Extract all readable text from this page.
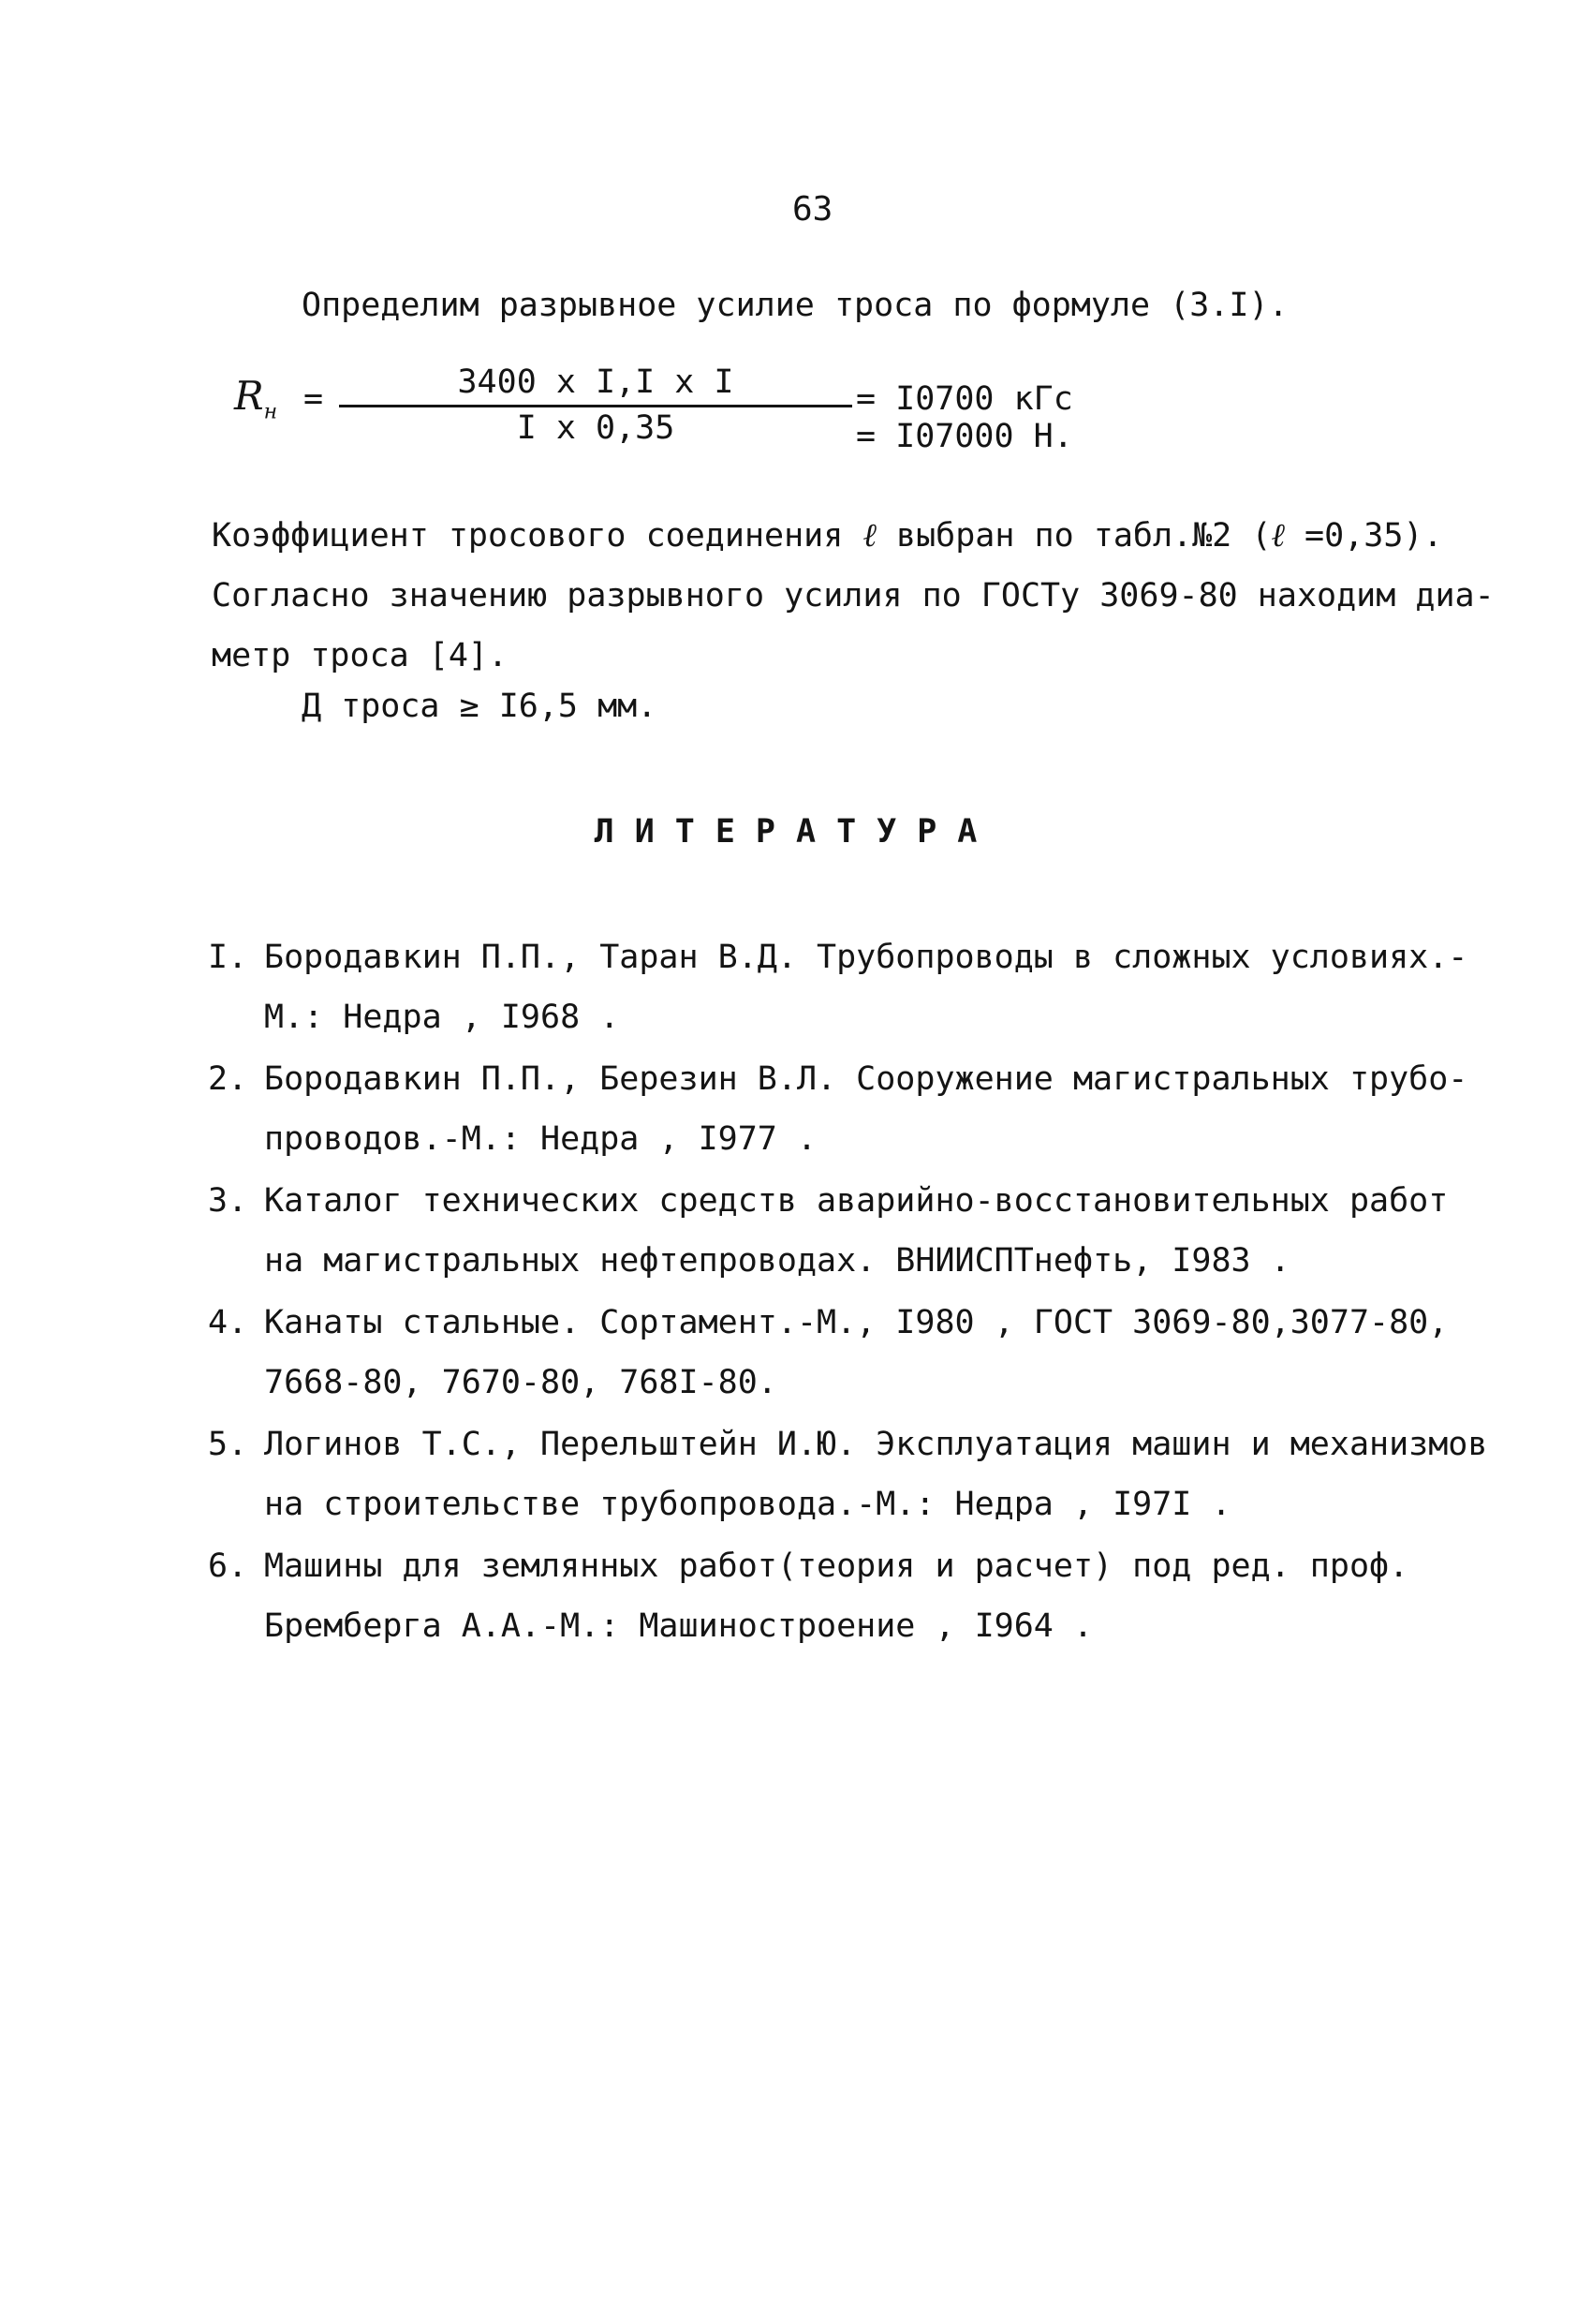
63
Определим разрывное усилие троса по формуле (3.I).
$R_н = \frac{\text{3400 x I,I x I}}{\text{I x 0,35}} = I0700$ кГс = I07000 Н.
Коэффициент тросового соединения ℓ выбран по табл.№2 (ℓ =0,35).
Согласно значению разрывного усилия по ГОСТу 3069-80 находим диа-
метр троса [4].
Д троса ≥ I6,5 мм.
ЛИТЕРАТУРА
I. Бородавкин П.П., Таран В.Д. Трубопроводы в сложных условиях.-
М.: Недра , I968 .
2. Бородавкин П.П., Березин В.Л. Сооружение магистральных трубо-
проводов.-М.: Недра , I977 .
3. Каталог технических средств аварийно-восстановительных работ
на магистральных нефтепроводах. ВНИИСПТнефть, I983 .
4. Канаты стальные. Сортамент.-М., I980 , ГОСТ 3069-80,3077-80,
7668-80, 7670-80, 768I-80.
5. Логинов Т.С., Перельштейн И.Ю. Эксплуатация машин и механизмов
на строительстве трубопровода.-М.: Недра , I97I .
6. Машины для землянных работ(теория и расчет) под ред. проф.
Бремберга А.А.-М.: Машиностроение , I964 .
